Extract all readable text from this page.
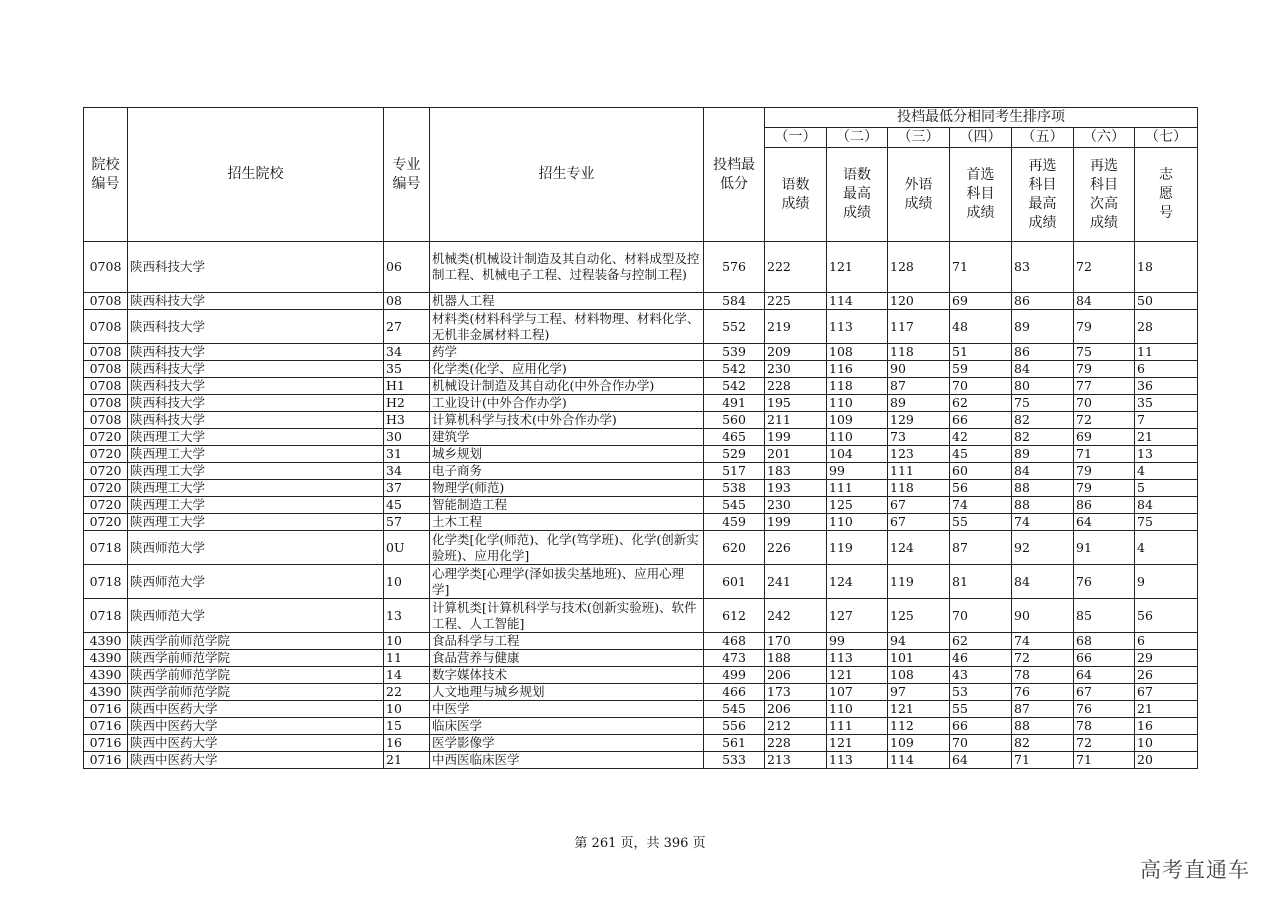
院校编号	招生院校	专业编号	招生专业	投档最低分	投档最低分相同考生排序项						
					（一）	（二）	（三）	（四）	（五）	（六）	（七）
					语数成绩	语数最高成绩	外语成绩	首选科目成绩	再选科目最高成绩	再选科目次高成绩	志愿号
0708	陕西科技大学	06	机械类(机械设计制造及其自动化、材料成型及控制工程、机械电子工程、过程装备与控制工程)	576	222	121	128	71	83	72	18
0708	陕西科技大学	08	机器人工程	584	225	114	120	69	86	84	50
0708	陕西科技大学	27	材料类(材料科学与工程、材料物理、材料化学、无机非金属材料工程)	552	219	113	117	48	89	79	28
0708	陕西科技大学	34	药学	539	209	108	118	51	86	75	11
0708	陕西科技大学	35	化学类(化学、应用化学)	542	230	116	90	59	84	79	6
0708	陕西科技大学	H1	机械设计制造及其自动化(中外合作办学)	542	228	118	87	70	80	77	36
0708	陕西科技大学	H2	工业设计(中外合作办学)	491	195	110	89	62	75	70	35
0708	陕西科技大学	H3	计算机科学与技术(中外合作办学)	560	211	109	129	66	82	72	7
0720	陕西理工大学	30	建筑学	465	199	110	73	42	82	69	21
0720	陕西理工大学	31	城乡规划	529	201	104	123	45	89	71	13
0720	陕西理工大学	34	电子商务	517	183	99	111	60	84	79	4
0720	陕西理工大学	37	物理学(师范)	538	193	111	118	56	88	79	5
0720	陕西理工大学	45	智能制造工程	545	230	125	67	74	88	86	84
0720	陕西理工大学	57	土木工程	459	199	110	67	55	74	64	75
0718	陕西师范大学	0U	化学类[化学(师范)、化学(笃学班)、化学(创新实验班)、应用化学]	620	226	119	124	87	92	91	4
0718	陕西师范大学	10	心理学类[心理学(泽如拔尖基地班)、应用心理学]	601	241	124	119	81	84	76	9
0718	陕西师范大学	13	计算机类[计算机科学与技术(创新实验班)、软件工程、人工智能]	612	242	127	125	70	90	85	56
4390	陕西学前师范学院	10	食品科学与工程	468	170	99	94	62	74	68	6
4390	陕西学前师范学院	11	食品营养与健康	473	188	113	101	46	72	66	29
4390	陕西学前师范学院	14	数字媒体技术	499	206	121	108	43	78	64	26
4390	陕西学前师范学院	22	人文地理与城乡规划	466	173	107	97	53	76	67	67
0716	陕西中医药大学	10	中医学	545	206	110	121	55	87	76	21
0716	陕西中医药大学	15	临床医学	556	212	111	112	66	88	78	16
0716	陕西中医药大学	16	医学影像学	561	228	121	109	70	82	72	10
0716	陕西中医药大学	21	中西医临床医学	533	213	113	114	64	71	71	20
第 261 页，共 396 页
高考直通车
